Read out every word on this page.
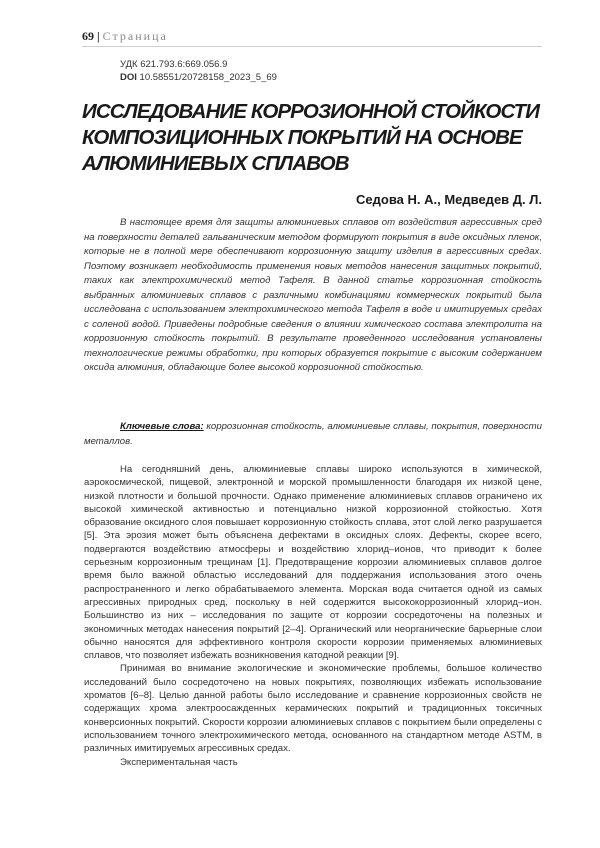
69 | Страница
УДК 621.793.6:669.056.9
DOI 10.58551/20728158_2023_5_69
ИССЛЕДОВАНИЕ КОРРОЗИОННОЙ СТОЙКОСТИ КОМПОЗИЦИОННЫХ ПОКРЫТИЙ НА ОСНОВЕ АЛЮМИНИЕВЫХ СПЛАВОВ
Седова Н. А., Медведев Д. Л.

В настоящее время для защиты алюминиевых сплавов от воздействия агрессивных сред на поверхности деталей гальваническим методом формируют покрытия в виде оксидных пленок, которые не в полной мере обеспечивают коррозионную защиту изделия в агрессивных средах. Поэтому возникает необходимость применения новых методов нанесения защитных покрытий, таких как электрохимический метод Тафеля. В данной статье коррозионная стойкость выбранных алюминиевых сплавов с различными комбинациями коммерческих покрытий была исследована с использованием электрохимического метода Тафеля в воде и имитируемых средах с соленой водой. Приведены подробные сведения о влиянии химического состава электролита на коррозионную стойкость покрытий. В результате проведенного исследования установлены технологические режимы обработки, при которых образуется покрытие с высоким содержанием оксида алюминия, обладающие более высокой коррозионной стойкостью.

Ключевые слова: коррозионная стойкость, алюминиевые сплавы, покрытия, поверхности металлов.

На сегодняшний день, алюминиевые сплавы широко используются в химической, аэрокосмической, пищевой, электронной и морской промышленности благодаря их низкой цене, низкой плотности и большой прочности. Однако применение алюминиевых сплавов ограничено их высокой химической активностью и потенциально низкой коррозионной стойкостью. Хотя образование оксидного слоя повышает коррозионную стойкость сплава, этот слой легко разрушается [5]. Эта эрозия может быть объяснена дефектами в оксидных слоях. Дефекты, скорее всего, подвергаются воздействию атмосферы и воздействию хлорид–ионов, что приводит к более серьезным коррозионным трещинам [1]. Предотвращение коррозии алюминиевых сплавов долгое время было важной областью исследований для поддержания использования этого очень распространенного и легко обрабатываемого элемента. Морская вода считается одной из самых агрессивных природных сред, поскольку в ней содержится высококоррозионный хлорид–ион. Большинство из них – исследования по защите от коррозии сосредоточены на полезных и экономичных методах нанесения покрытий [2–4]. Органический или неорганические барьерные слои обычно наносятся для эффективного контроля скорости коррозии применяемых алюминиевых сплавов, что позволяет избежать возникновения катодной реакции [9].

Принимая во внимание экологические и экономические проблемы, большое количество исследований было сосредоточено на новых покрытиях, позволяющих избежать использование хроматов [6–8]. Целью данной работы было исследование и сравнение коррозионных свойств не содержащих хрома электроосажденных керамических покрытий и традиционных токсичных конверсионных покрытий. Скорости коррозии алюминиевых сплавов с покрытием были определены с использованием точного электрохимического метода, основанного на стандартном методе ASTM, в различных имитируемых агрессивных средах.

Экспериментальная часть
